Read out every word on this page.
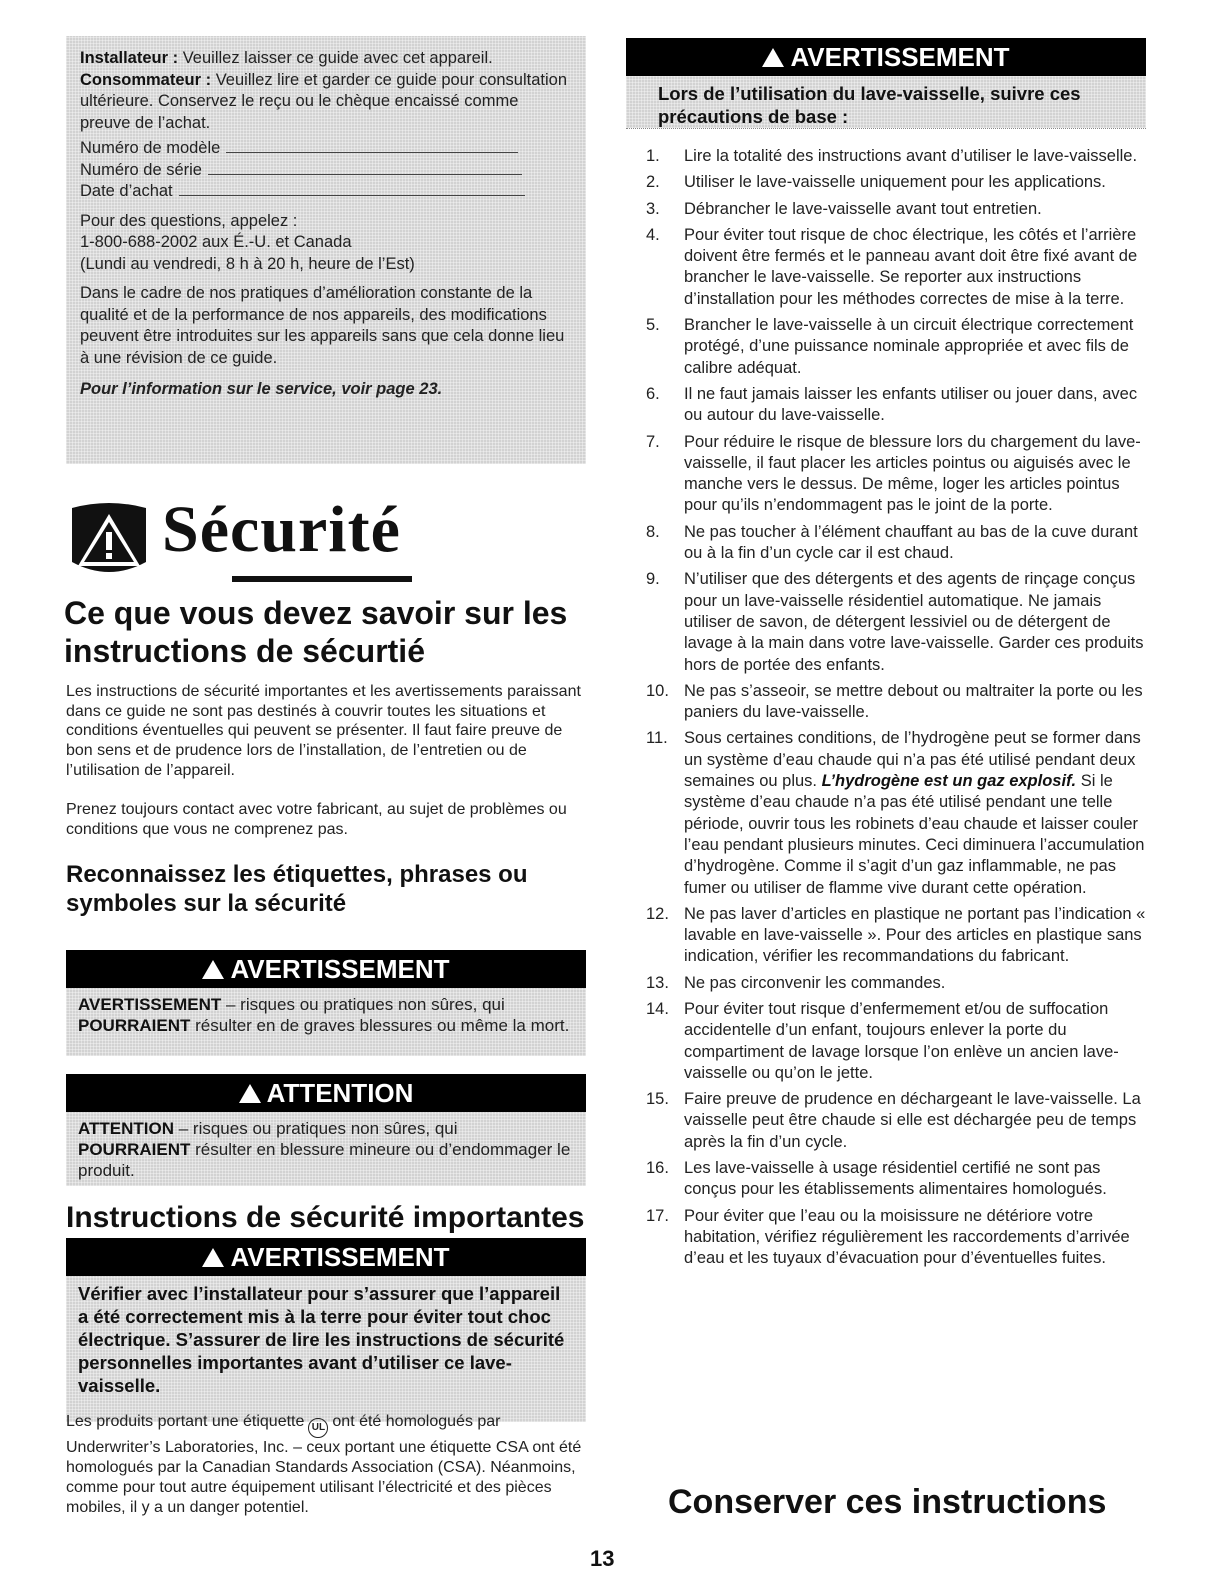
Installateur : Veuillez laisser ce guide avec cet appareil.

Consommateur : Veuillez lire et garder ce guide pour consultation ultérieure. Conservez le reçu ou le chèque encaissé comme preuve de l’achat.

Numéro de modèle

Numéro de série

Date d’achat

Pour des questions, appelez :

1-800-688-2002 aux É.-U. et Canada

(Lundi au vendredi, 8 h à 20 h, heure de l’Est)

Dans le cadre de nos pratiques d’amélioration constante de la qualité et de la performance de nos appareils, des modifications peuvent être introduites sur les appareils sans que cela donne lieu à une révision de ce guide.

Pour l’information sur le service, voir page 23.

Sécurité
Ce que vous devez savoir sur les instructions de sécurtié
Les instructions de sécurité importantes et les avertissements paraissant dans ce guide ne sont pas destinés à couvrir toutes les situations et conditions éventuelles qui peuvent se présenter. Il faut faire preuve de bon sens et de prudence lors de l’installation, de l’entretien ou de l’utilisation de l’appareil.
Prenez toujours contact avec votre fabricant, au sujet de problèmes ou conditions que vous ne comprenez pas.
Reconnaissez les étiquettes, phrases ou symboles sur la sécurité
AVERTISSEMENT
AVERTISSEMENT – risques ou pratiques non sûres, qui POURRAIENT résulter en de graves blessures ou même la mort.
ATTENTION
ATTENTION – risques ou pratiques non sûres, qui POURRAIENT résulter en blessure mineure ou d’endommager le produit.
Instructions de sécurité importantes
AVERTISSEMENT
Vérifier avec l’installateur pour s’assurer que l’appareil a été correctement mis à la terre pour éviter tout choc électrique. S’assurer de lire les instructions de sécurité personnelles importantes avant d’utiliser ce lave-vaisselle.
Les produits portant une étiquette UL ont été homologués par Underwriter’s Laboratories, Inc. – ceux portant une étiquette CSA ont été homologués par la Canadian Standards Association (CSA). Néanmoins, comme pour tout autre équipement utilisant l’électricité et des pièces mobiles, il y a un danger potentiel.
13
AVERTISSEMENT
Lors de l’utilisation du lave-vaisselle, suivre ces précautions de base :
1. Lire la totalité des instructions avant d’utiliser le lave-vaisselle.
2. Utiliser le lave-vaisselle uniquement pour les applications.
3. Débrancher le lave-vaisselle avant tout entretien.
4. Pour éviter tout risque de choc électrique, les côtés et l’arrière doivent être fermés et le panneau avant doit être fixé avant de brancher le lave-vaisselle. Se reporter aux instructions d’installation pour les méthodes correctes de mise à la terre.
5. Brancher le lave-vaisselle à un circuit électrique correctement protégé, d’une puissance nominale appropriée et avec fils de calibre adéquat.
6. Il ne faut jamais laisser les enfants utiliser ou jouer dans, avec ou autour du lave-vaisselle.
7. Pour réduire le risque de blessure lors du chargement du lave-vaisselle, il faut placer les articles pointus ou aiguisés avec le manche vers le dessus. De même, loger les articles pointus pour qu’ils n’endommagent pas le joint de la porte.
8. Ne pas toucher à l’élément chauffant au bas de la cuve durant ou à la fin d’un cycle car il est chaud.
9. N’utiliser que des détergents et des agents de rinçage conçus pour un lave-vaisselle résidentiel automatique. Ne jamais utiliser de savon, de détergent lessiviel ou de détergent de lavage à la main dans votre lave-vaisselle. Garder ces produits hors de portée des enfants.
10. Ne pas s’asseoir, se mettre debout ou maltraiter la porte ou les paniers du lave-vaisselle.
11. Sous certaines conditions, de l’hydrogène peut se former dans un système d’eau chaude qui n’a pas été utilisé pendant deux semaines ou plus. L’hydrogène est un gaz explosif. Si le système d’eau chaude n’a pas été utilisé pendant une telle période, ouvrir tous les robinets d’eau chaude et laisser couler l’eau pendant plusieurs minutes. Ceci diminuera l’accumulation d’hydrogène. Comme il s’agit d’un gaz inflammable, ne pas fumer ou utiliser de flamme vive durant cette opération.
12. Ne pas laver d’articles en plastique ne portant pas l’indication « lavable en lave-vaisselle ». Pour des articles en plastique sans indication, vérifier les recommandations du fabricant.
13. Ne pas circonvenir les commandes.
14. Pour éviter tout risque d’enfermement et/ou de suffocation accidentelle d’un enfant, toujours enlever la porte du compartiment de lavage lorsque l’on enlève un ancien lave-vaisselle ou qu’on le jette.
15. Faire preuve de prudence en déchargeant le lave-vaisselle. La vaisselle peut être chaude si elle est déchargée peu de temps après la fin d’un cycle.
16. Les lave-vaisselle à usage résidentiel certifié ne sont pas conçus pour les établissements alimentaires homologués.
17. Pour éviter que l’eau ou la moisissure ne détériore votre habitation, vérifiez régulièrement les raccordements d’arrivée d’eau et les tuyaux d’évacuation pour d’éventuelles fuites.
Conserver ces instructions
